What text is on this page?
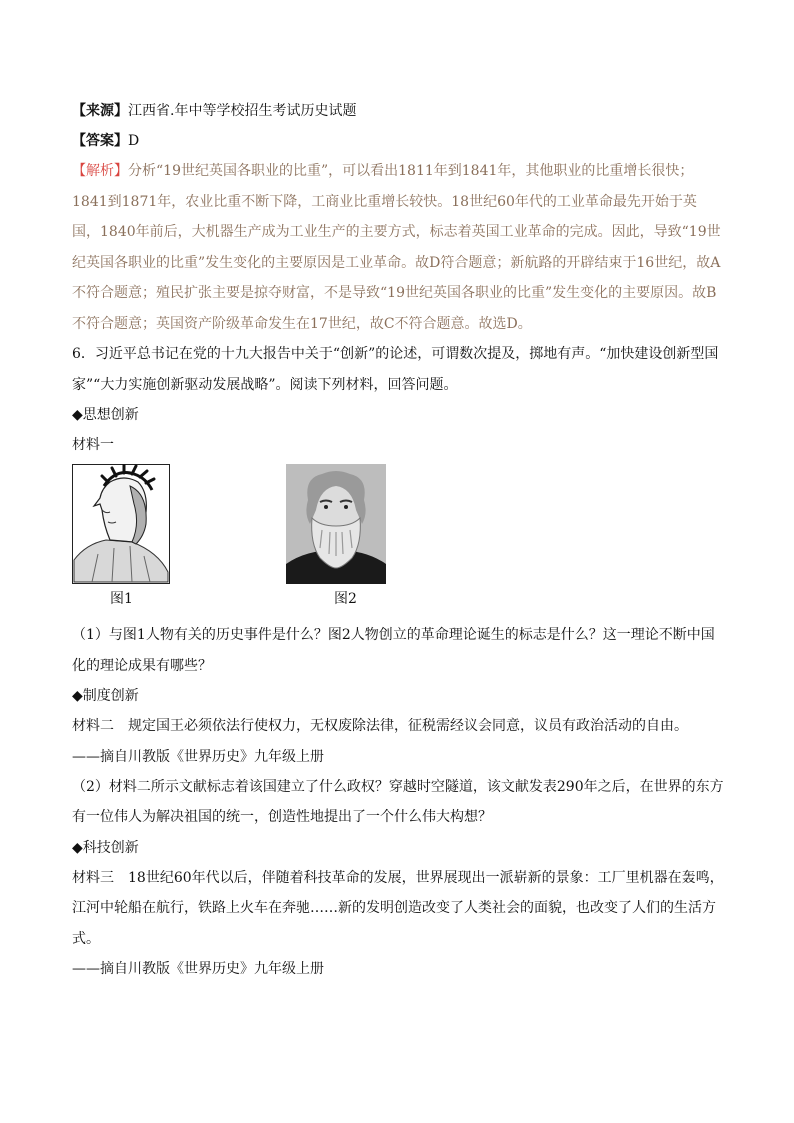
【来源】江西省.年中等学校招生考试历史试题
【答案】D
【解析】分析“19世纪英国各职业的比重”，可以看出1811年到1841年，其他职业的比重增长很快；1841到1871年，农业比重不断下降，工商业比重增长较快。18世纪60年代的工业革命最先开始于英国，1840年前后，大机器生产成为工业生产的主要方式，标志着英国工业革命的完成。因此，导致“19世纪英国各职业的比重”发生变化的主要原因是工业革命。故D符合题意；新航路的开辟结束于16世纪，故A不符合题意；殖民扩张主要是掠夺财富，不是导致“19世纪英国各职业的比重”发生变化的主要原因。故B不符合题意；英国资产阶级革命发生在17世纪，故C不符合题意。故选D。
6．习近平总书记在党的十九大报告中关于“创新”的论述，可谓数次提及，掷地有声。“加快建设创新型国家”“大力实施创新驱动发展战略”。阅读下列材料，回答问题。
◆思想创新
材料一
图1	图2
（1）与图1人物有关的历史事件是什么？图2人物创立的革命理论诞生的标志是什么？这一理论不断中国化的理论成果有哪些？
◆制度创新
材料二　规定国王必须依法行使权力，无权废除法律，征税需经议会同意，议员有政治活动的自由。
——摘自川教版《世界历史》九年级上册
（2）材料二所示文献标志着该国建立了什么政权？穿越时空隧道，该文献发表290年之后，在世界的东方有一位伟人为解决祖国的统一，创造性地提出了一个什么伟大构想？
◆科技创新
材料三　18世纪60年代以后，伴随着科技革命的发展，世界展现出一派崭新的景象：工厂里机器在轰鸣，江河中轮船在航行，铁路上火车在奔驰……新的发明创造改变了人类社会的面貌，也改变了人们的生活方式。
——摘自川教版《世界历史》九年级上册
